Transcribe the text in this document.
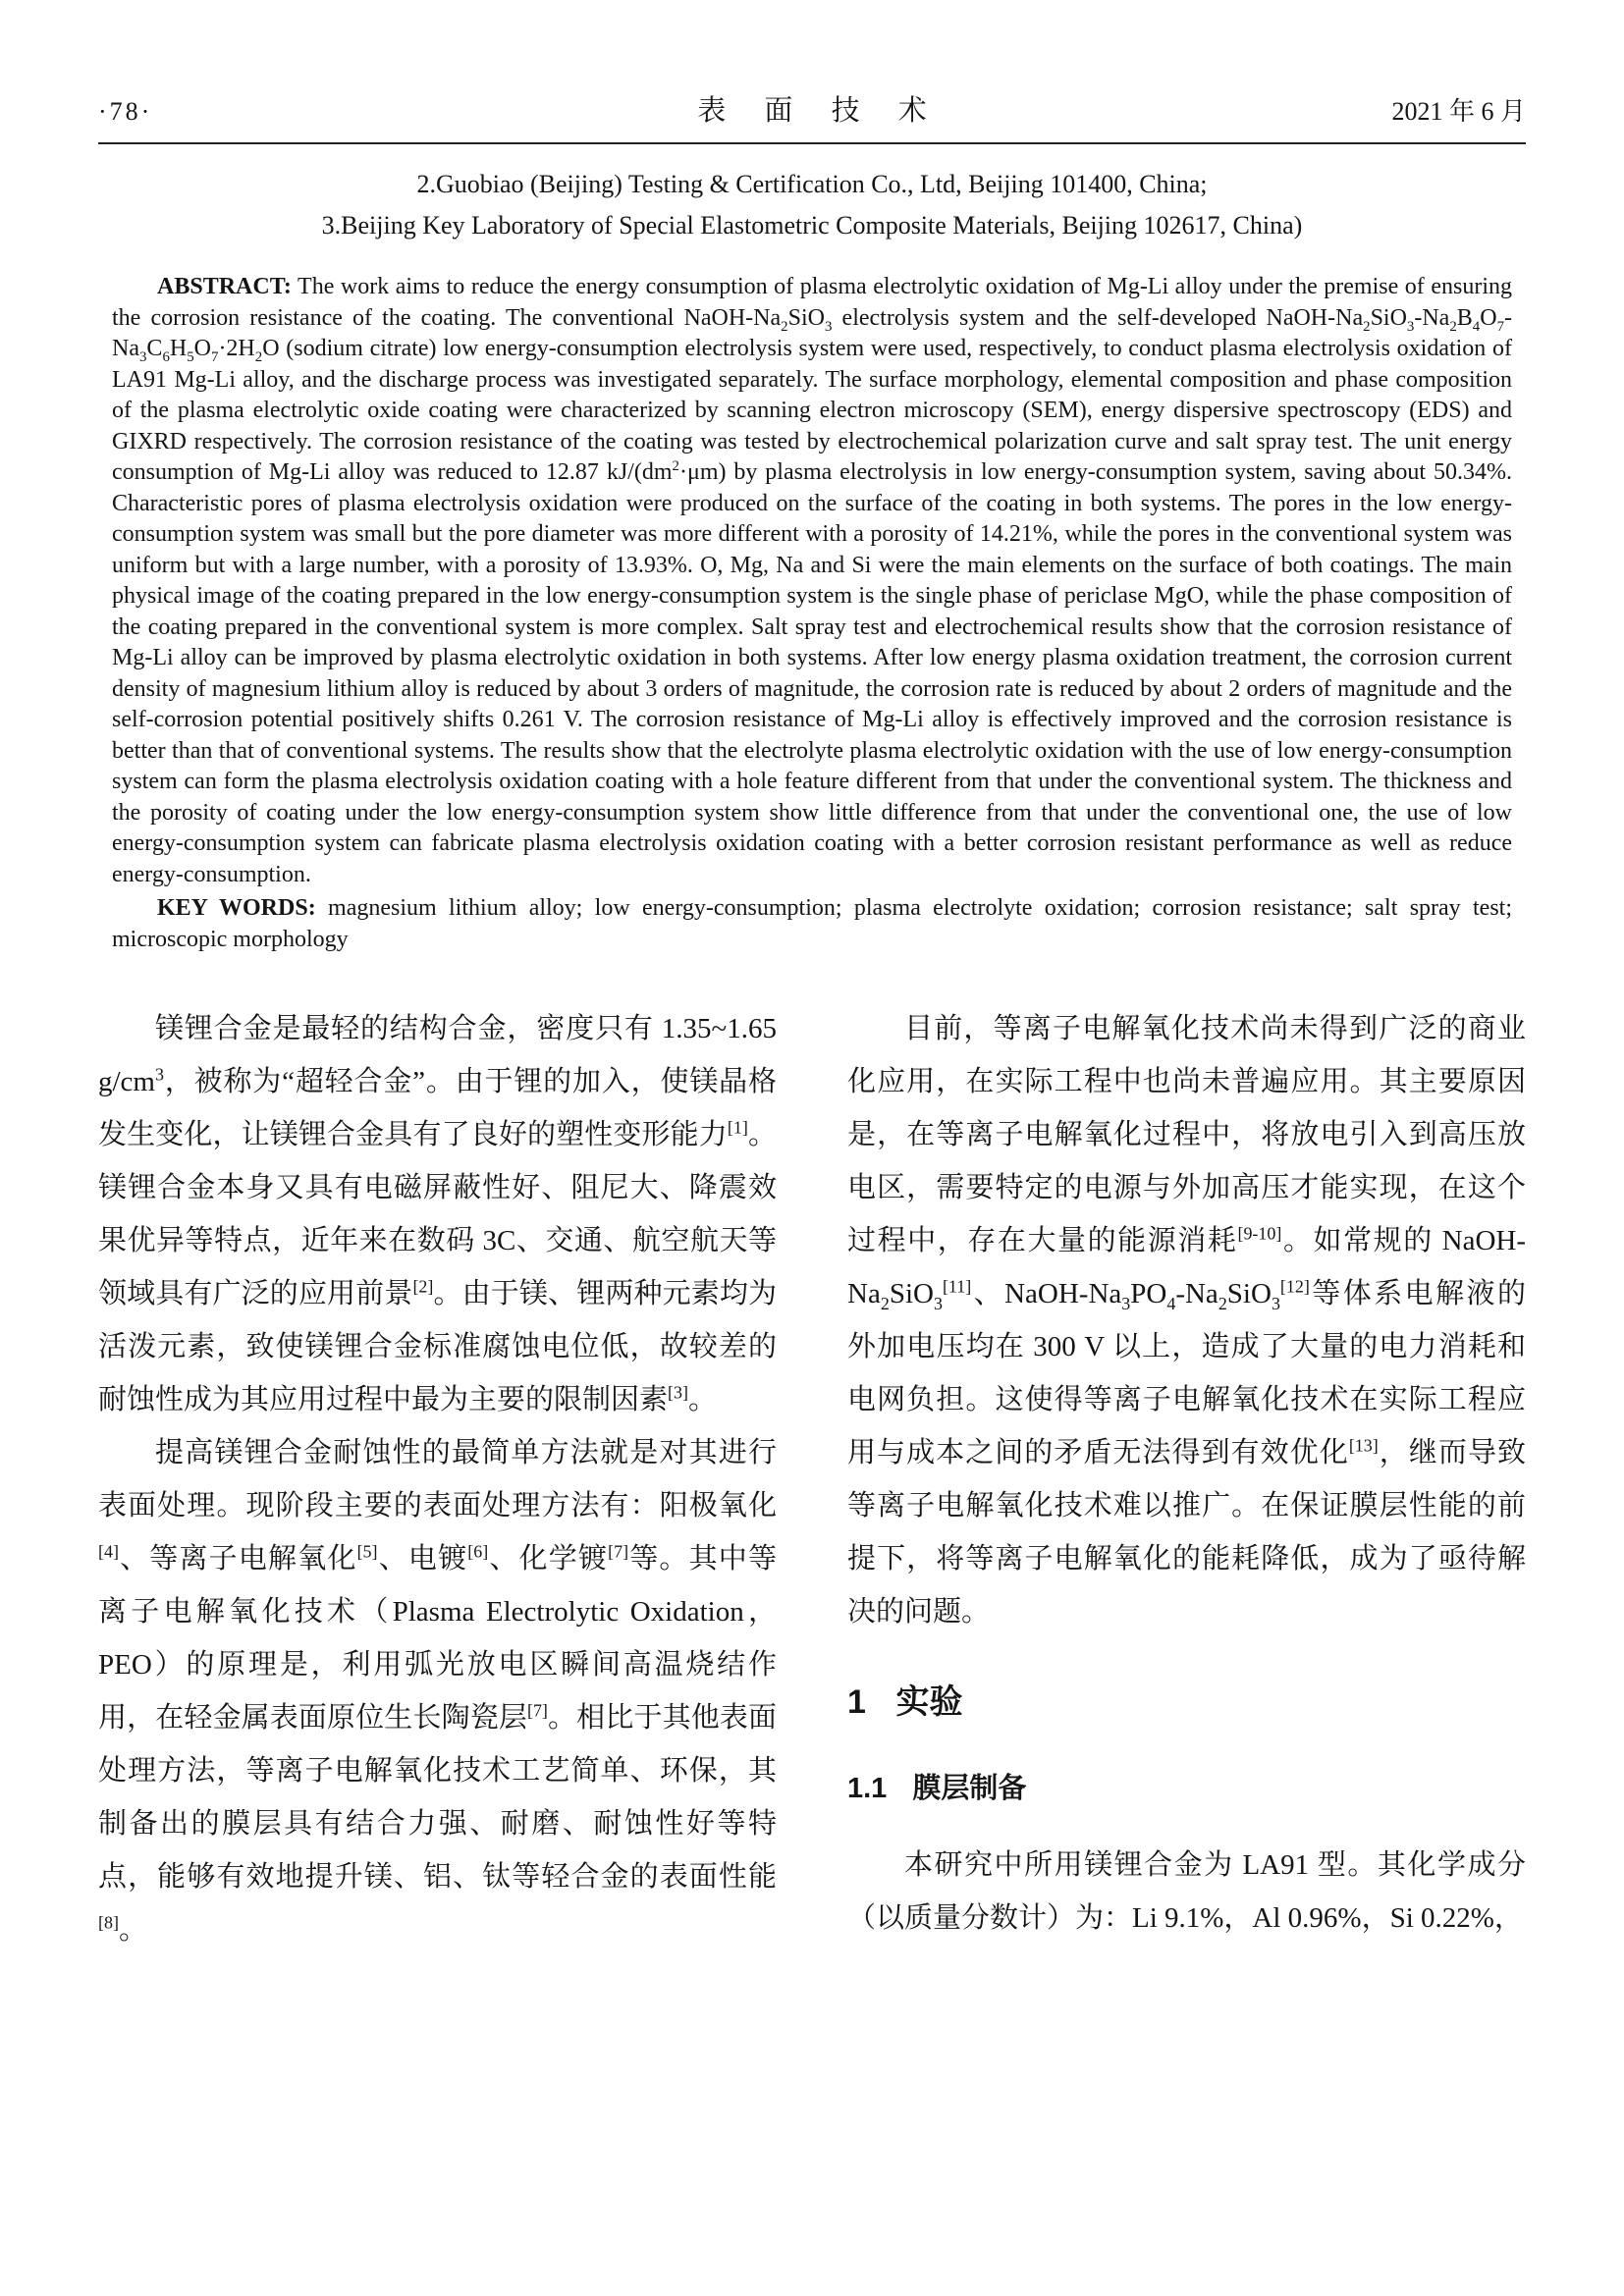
·78·	表 面 技 术	2021 年 6 月
2.Guobiao (Beijing) Testing & Certification Co., Ltd, Beijing 101400, China;
3.Beijing Key Laboratory of Special Elastometric Composite Materials, Beijing 102617, China)

ABSTRACT: The work aims to reduce the energy consumption of plasma electrolytic oxidation of Mg-Li alloy under the premise of ensuring the corrosion resistance of the coating. The conventional NaOH-$Na_2SiO_3$ electrolysis system and the self-developed NaOH-$Na_2SiO_3-Na_2B_4O_7-Na_3C_6H_5O_7\cdot 2H_2O$ (sodium citrate) low energy-consumption electrolysis system were used, respectively, to conduct plasma electrolysis oxidation of LA91 Mg-Li alloy, and the discharge process was investigated separately. The surface morphology, elemental composition and phase composition of the plasma electrolytic oxide coating were characterized by scanning electron microscopy (SEM), energy dispersive spectroscopy (EDS) and GIXRD respectively. The corrosion resistance of the coating was tested by electrochemical polarization curve and salt spray test. The unit energy consumption of Mg-Li alloy was reduced to 12.87 $kJ/(dm^2\cdot\mu m)$ by plasma electrolysis in low energy-consumption system, saving about 50.34%. Characteristic pores of plasma electrolysis oxidation were produced on the surface of the coating in both systems. The pores in the low energy-consumption system was small but the pore diameter was more different with a porosity of 14.21%, while the pores in the conventional system was uniform but with a large number, with a porosity of 13.93%. O, Mg, Na and Si were the main elements on the surface of both coatings. The main physical image of the coating prepared in the low energy-consumption system is the single phase of periclase MgO, while the phase composition of the coating prepared in the conventional system is more complex. Salt spray test and electrochemical results show that the corrosion resistance of Mg-Li alloy can be improved by plasma electrolytic oxidation in both systems. After low energy plasma oxidation treatment, the corrosion current density of magnesium lithium alloy is reduced by about 3 orders of magnitude, the corrosion rate is reduced by about 2 orders of magnitude and the self-corrosion potential positively shifts 0.261 V. The corrosion resistance of Mg-Li alloy is effectively improved and the corrosion resistance is better than that of conventional systems. The results show that the electrolyte plasma electrolytic oxidation with the use of low energy-consumption system can form the plasma electrolysis oxidation coating with a hole feature different from that under the conventional system. The thickness and the porosity of coating under the low energy-consumption system show little difference from that under the conventional one, the use of low energy-consumption system can fabricate plasma electrolysis oxidation coating with a better corrosion resistant performance as well as reduce energy-consumption.

KEY WORDS: magnesium lithium alloy; low energy-consumption; plasma electrolyte oxidation; corrosion resistance; salt spray test; microscopic morphology

镁锂合金是最轻的结构合金，密度只有 1.35~1.65 $g/cm^3$，被称为“超轻合金”。由于锂的加入，使镁晶格发生变化，让镁锂合金具有了良好的塑性变形能力[1]。镁锂合金本身又具有电磁屏蔽性好、阻尼大、降震效果优异等特点，近年来在数码 3C、交通、航空航天等领域具有广泛的应用前景[2]。由于镁、锂两种元素均为活泼元素，致使镁锂合金标准腐蚀电位低，故较差的耐蚀性成为其应用过程中最为主要的限制因素[3]。

提高镁锂合金耐蚀性的最简单方法就是对其进行表面处理。现阶段主要的表面处理方法有：阳极氧化[4]、等离子电解氧化[5]、电镀[6]、化学镀[7]等。其中等离子电解氧化技术（Plasma Electrolytic Oxidation，PEO）的原理是，利用弧光放电区瞬间高温烧结作用，在轻金属表面原位生长陶瓷层[7]。相比于其他表面处理方法，等离子电解氧化技术工艺简单、环保，其制备出的膜层具有结合力强、耐磨、耐蚀性好等特点，能够有效地提升镁、铝、钛等轻合金的表面性能[8]。

目前，等离子电解氧化技术尚未得到广泛的商业化应用，在实际工程中也尚未普遍应用。其主要原因是，在等离子电解氧化过程中，将放电引入到高压放电区，需要特定的电源与外加高压才能实现，在这个过程中，存在大量的能源消耗[9-10]。如常规的 NaOH-$Na_2SiO_3[11]$、NaOH-$Na_3PO_4-Na_2SiO_3[12]$等体系电解液的外加电压均在 300 V 以上，造成了大量的电力消耗和电网负担。这使得等离子电解氧化技术在实际工程应用与成本之间的矛盾无法得到有效优化[13]，继而导致等离子电解氧化技术难以推广。在保证膜层性能的前提下，将等离子电解氧化的能耗降低，成为了亟待解决的问题。

1 实验
1.1 膜层制备

本研究中所用镁锂合金为 LA91 型。其化学成分（以质量分数计）为：Li 9.1%，Al 0.96%，Si 0.22%，
